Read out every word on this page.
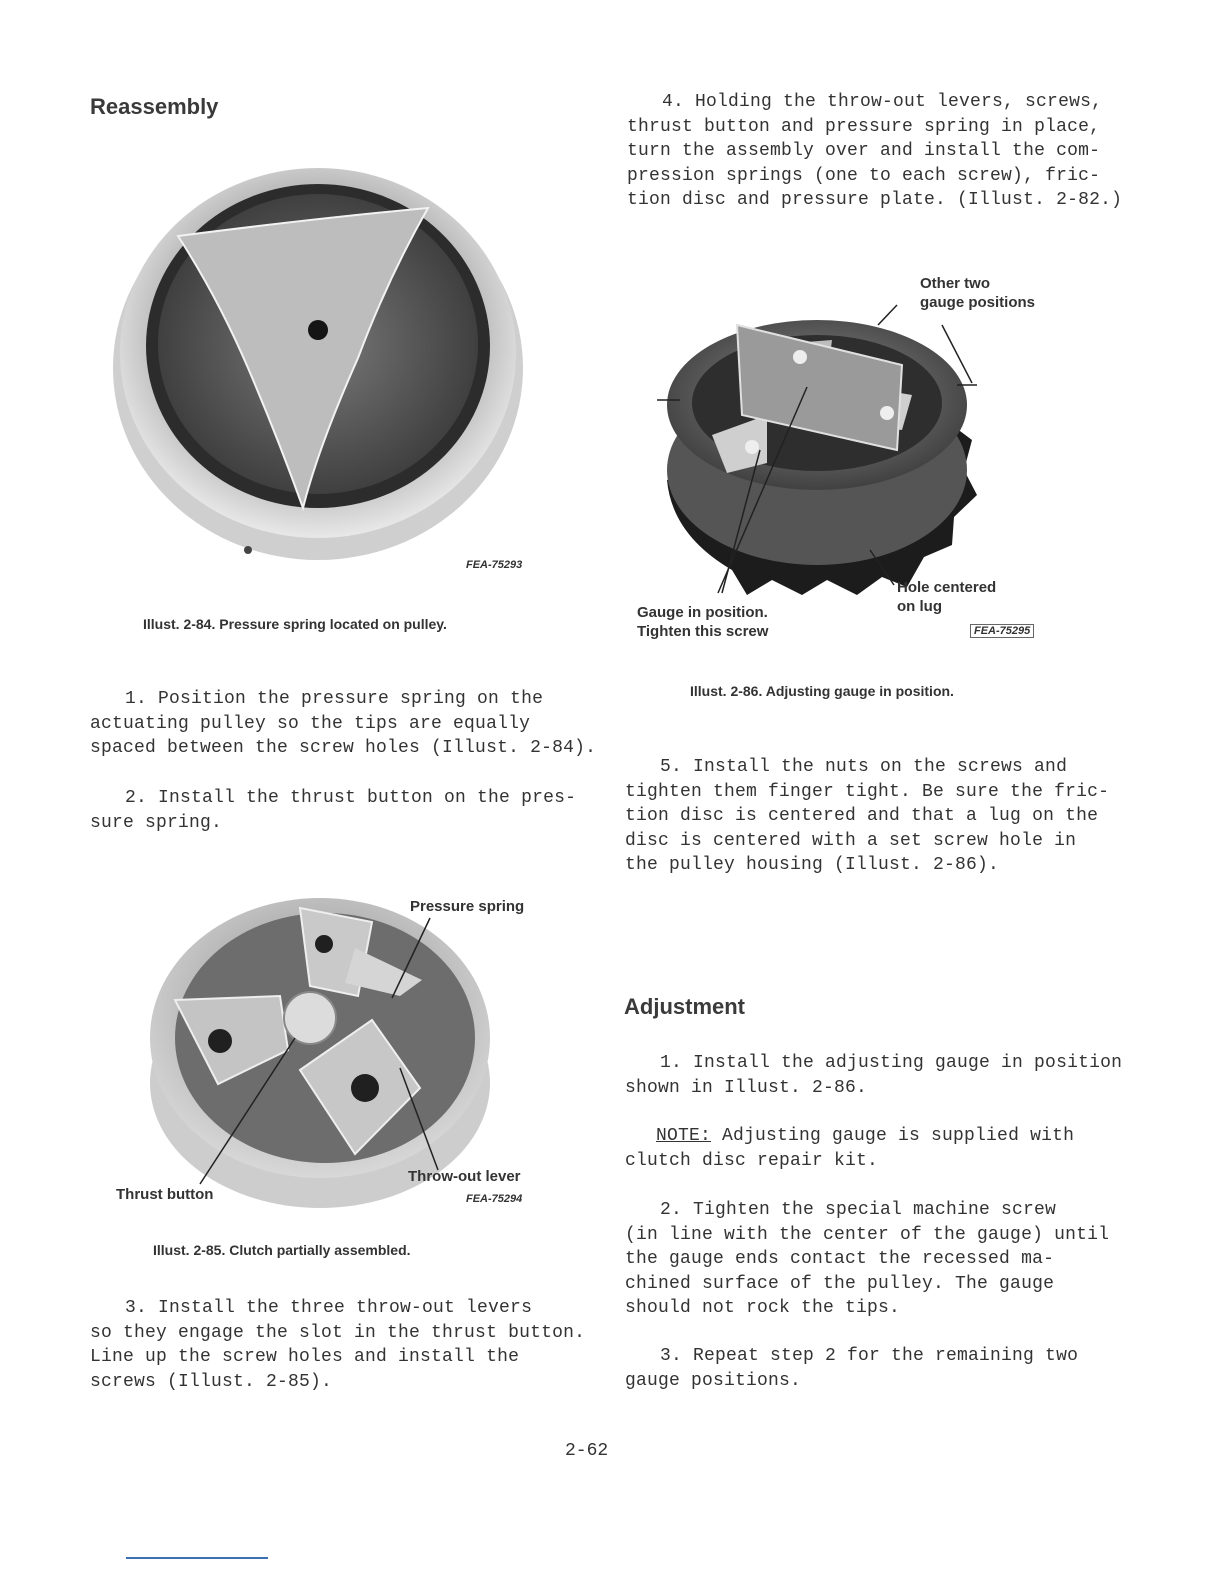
Reassembly
FEA-75293

Illust. 2-84. Pressure spring located on pulley.

1. Position the pressure spring on the
actuating pulley so the tips are equally
spaced between the screw holes (Illust. 2-84).

2. Install the thrust button on the pres-
sure spring.

Pressure spring

Throw-out lever

Thrust button	FEA-75294

Illust. 2-85. Clutch partially assembled.

3. Install the three throw-out levers
so they engage the slot in the thrust button.
Line up the screw holes and install the
screws (Illust. 2-85).

4. Holding the throw-out levers, screws,
thrust button and pressure spring in place,
turn the assembly over and install the com-
pression springs (one to each screw), fric-
tion disc and pressure plate. (Illust. 2-82.)

Other two
gauge positions

Hole centered
on lug

Gauge in position.
Tighten this screw	FEA-75295

Illust. 2-86. Adjusting gauge in position.

5. Install the nuts on the screws and
tighten them finger tight. Be sure the fric-
tion disc is centered and that a lug on the
disc is centered with a set screw hole in
the pulley housing (Illust. 2-86).

Adjustment

1. Install the adjusting gauge in position
shown in Illust. 2-86.

NOTE: Adjusting gauge is supplied with
clutch disc repair kit.

2. Tighten the special machine screw
(in line with the center of the gauge) until
the gauge ends contact the recessed ma-
chined surface of the pulley. The gauge
should not rock the tips.

3. Repeat step 2 for the remaining two
gauge positions.

2-62
